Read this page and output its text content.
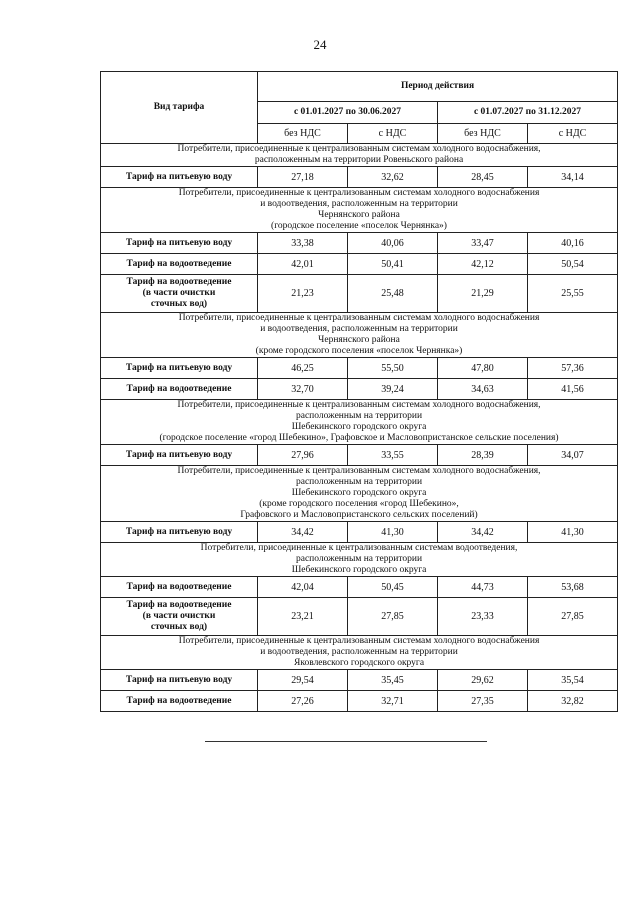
24
Вид тарифа	Период действия			
	с 01.01.2027 по 30.06.2027		с 01.07.2027 по 31.12.2027	
	без НДС	с НДС	без НДС	с НДС

Потребители, присоединенные к централизованным системам холодного водоснабжения,
расположенным на территории Ровеньского района				

Тариф на питьевую воду	27,18	32,62	28,45	34,14

Потребители, присоединенные к централизованным системам холодного водоснабжения
и водоотведения, расположенным на территории
Чернянского района
(городское поселение «поселок Чернянка»)				

Тариф на питьевую воду	33,38	40,06	33,47	40,16

Тариф на водоотведение	42,01	50,41	42,12	50,54

Тариф на водоотведение
(в части очистки
сточных вод)	21,23	25,48	21,29	25,55

Потребители, присоединенные к централизованным системам холодного водоснабжения
и водоотведения, расположенным на территории
Чернянского района
(кроме городского поселения «поселок Чернянка»)				

Тариф на питьевую воду	46,25	55,50	47,80	57,36

Тариф на водоотведение	32,70	39,24	34,63	41,56

Потребители, присоединенные к централизованным системам холодного водоснабжения,
расположенным на территории
Шебекинского городского округа
(городское поселение «город Шебекино», Графовское и Масловопристанское сельские поселения)				

Тариф на питьевую воду	27,96	33,55	28,39	34,07

Потребители, присоединенные к централизованным системам холодного водоснабжения,
расположенным на территории
Шебекинского городского округа
(кроме городского поселения «город Шебекино»,
Графовского и Масловопристанского сельских поселений)				

Тариф на питьевую воду	34,42	41,30	34,42	41,30

Потребители, присоединенные к централизованным системам водоотведения,
расположенным на территории
Шебекинского городского округа				

Тариф на водоотведение	42,04	50,45	44,73	53,68

Тариф на водоотведение
(в части очистки
сточных вод)	23,21	27,85	23,33	27,85

Потребители, присоединенные к централизованным системам холодного водоснабжения
и водоотведения, расположенным на территории
Яковлевского городского округа				

Тариф на питьевую воду	29,54	35,45	29,62	35,54

Тариф на водоотведение	27,26	32,71	27,35	32,82
